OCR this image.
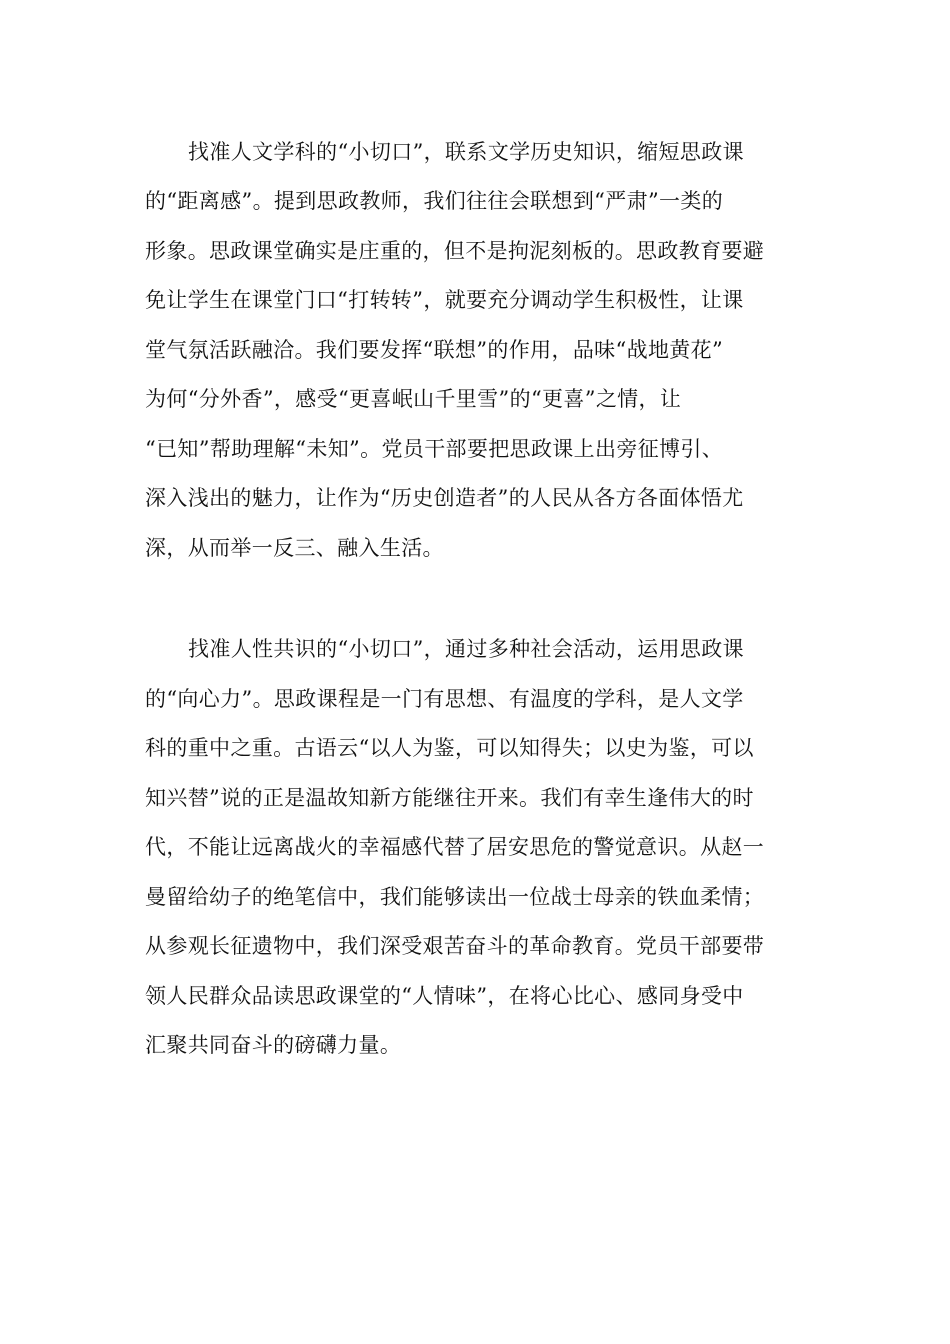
找准人文学科的“小切口”，联系文学历史知识，缩短思政课
的“距离感”。提到思政教师，我们往往会联想到“严肃”一类的
形象。思政课堂确实是庄重的，但不是拘泥刻板的。思政教育要避
免让学生在课堂门口“打转转”，就要充分调动学生积极性，让课
堂气氛活跃融洽。我们要发挥“联想”的作用，品味“战地黄花”
为何“分外香”，感受“更喜岷山千里雪”的“更喜”之情，让
“已知”帮助理解“未知”。党员干部要把思政课上出旁征博引、
深入浅出的魅力，让作为“历史创造者”的人民从各方各面体悟尤
深，从而举一反三、融入生活。
找准人性共识的“小切口”，通过多种社会活动，运用思政课
的“向心力”。思政课程是一门有思想、有温度的学科，是人文学
科的重中之重。古语云“以人为鉴，可以知得失；以史为鉴，可以
知兴替”说的正是温故知新方能继往开来。我们有幸生逢伟大的时
代，不能让远离战火的幸福感代替了居安思危的警觉意识。从赵一
曼留给幼子的绝笔信中，我们能够读出一位战士母亲的铁血柔情；
从参观长征遗物中，我们深受艰苦奋斗的革命教育。党员干部要带
领人民群众品读思政课堂的“人情味”，在将心比心、感同身受中
汇聚共同奋斗的磅礴力量。
